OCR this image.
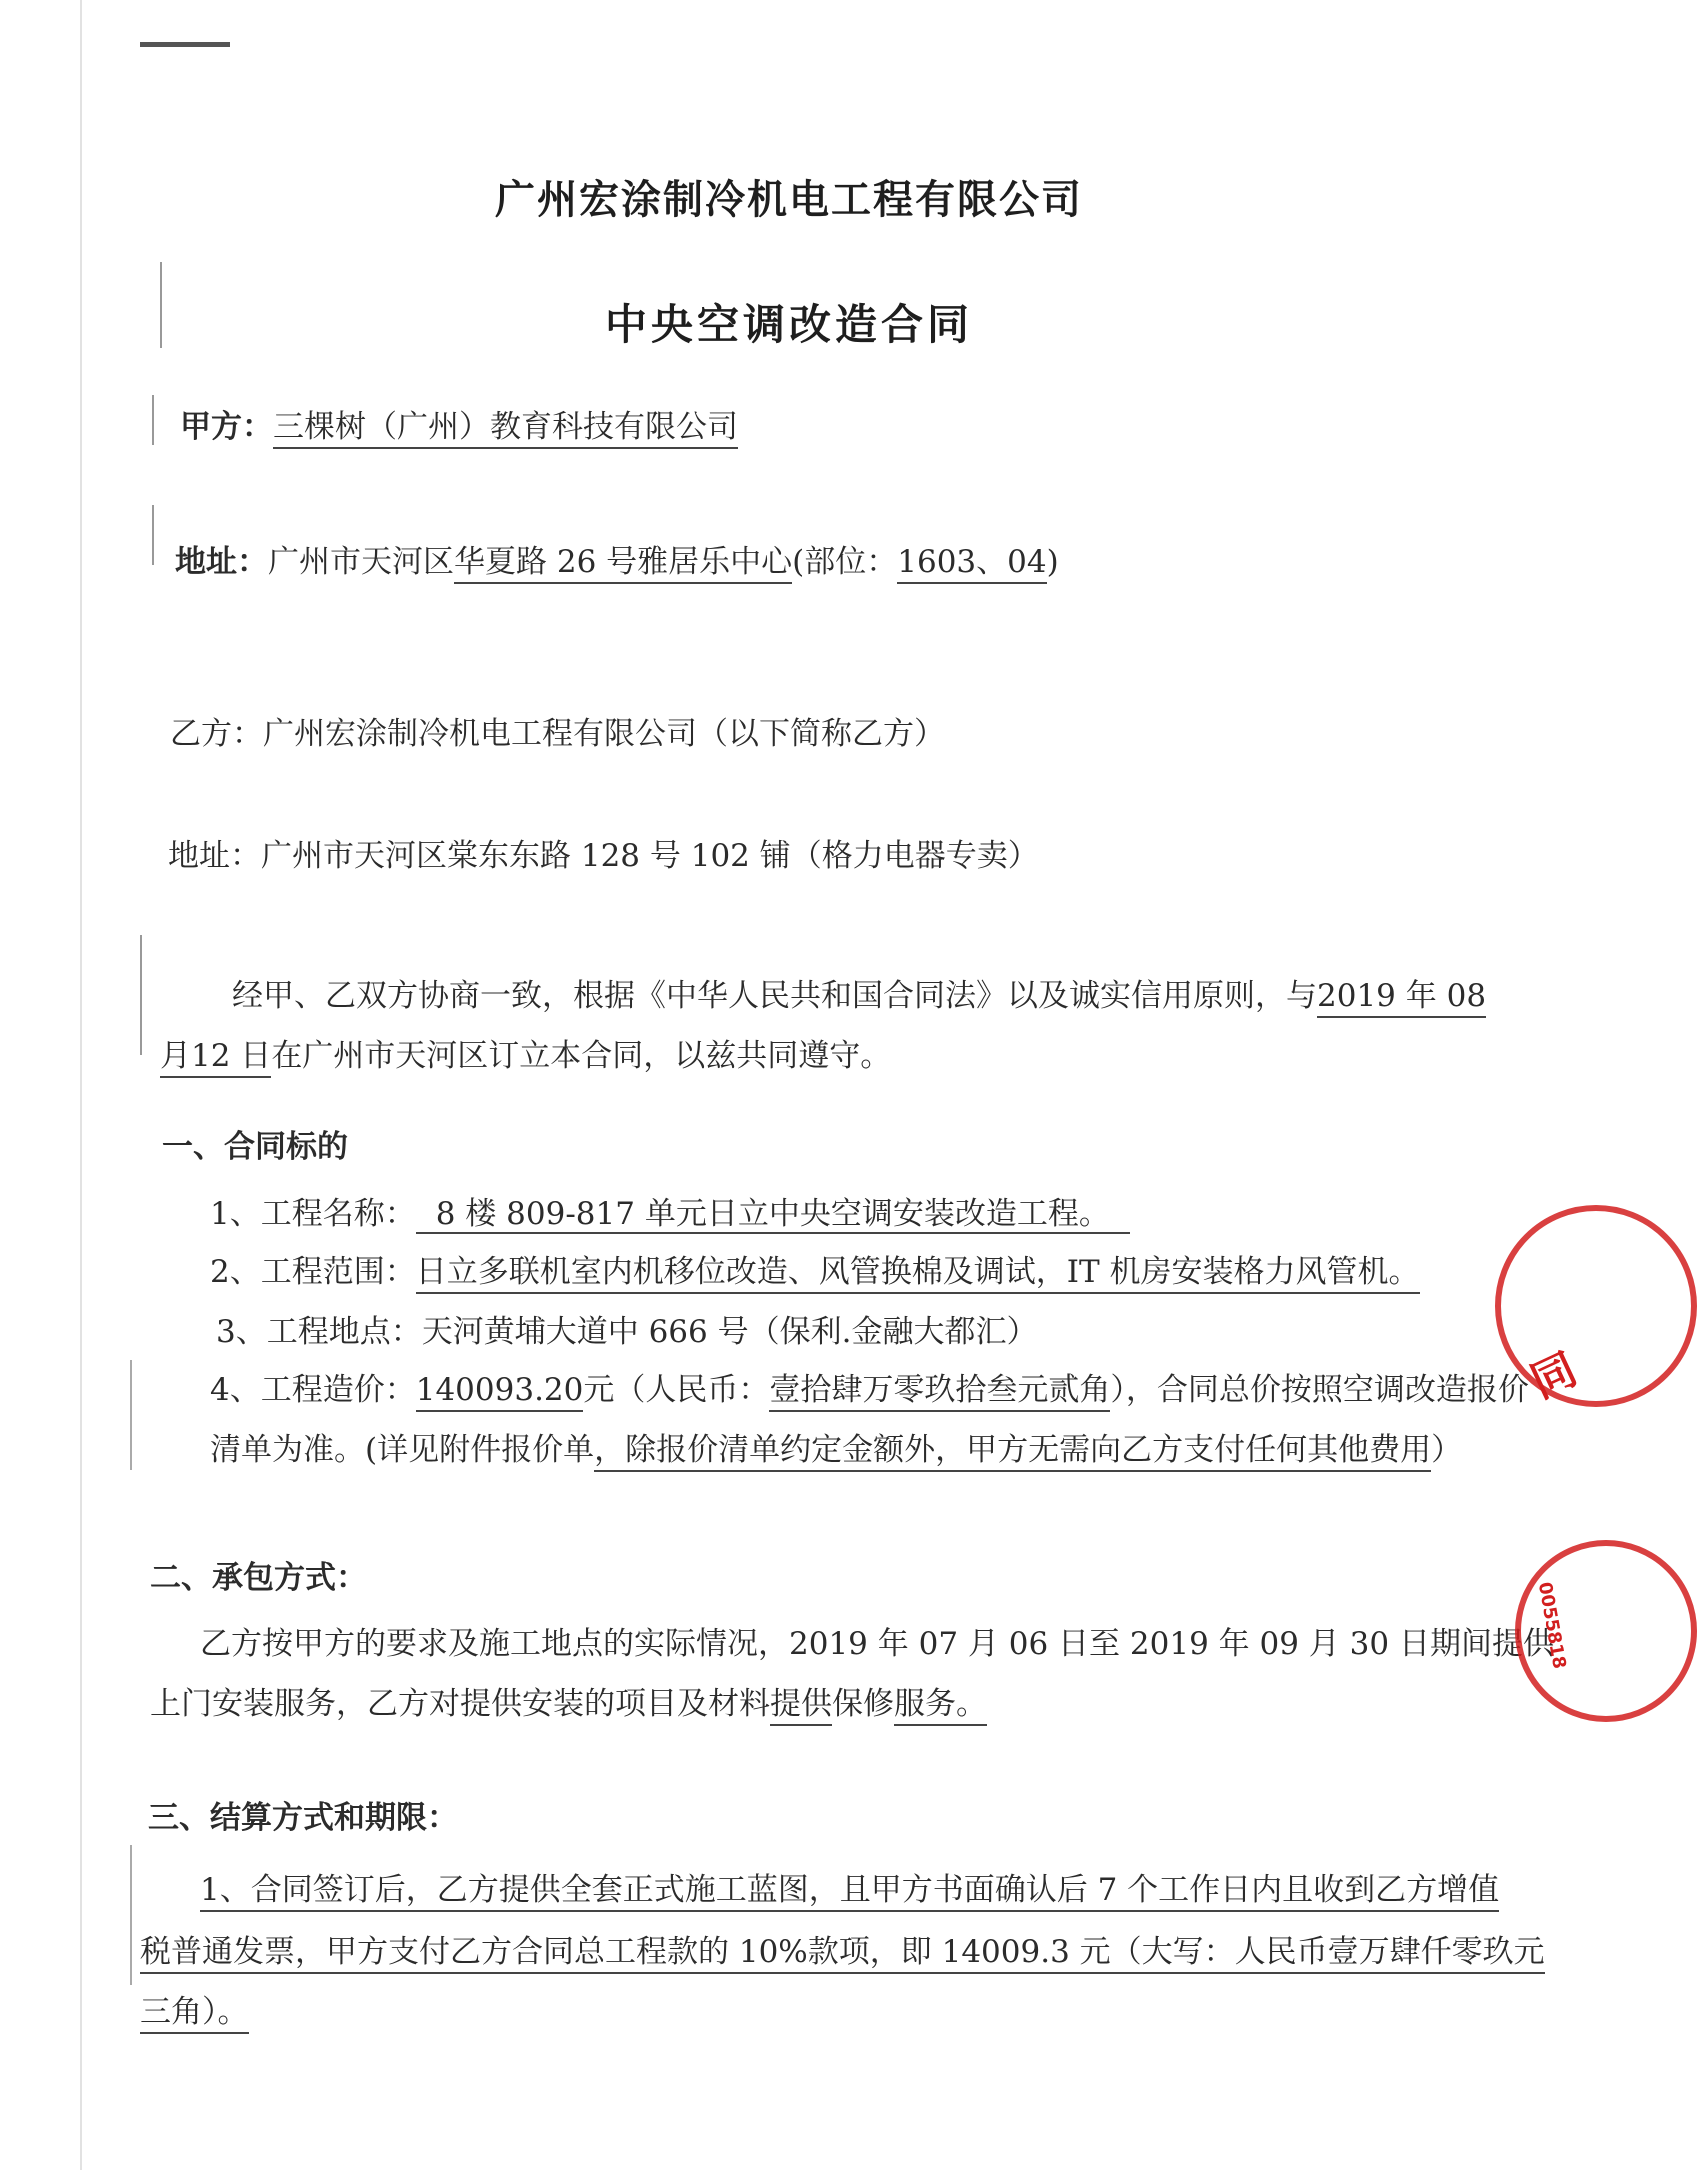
广州宏涂制冷机电工程有限公司
中央空调改造合同
甲方：三棵树（广州）教育科技有限公司
地址：广州市天河区华夏路 26 号雅居乐中心(部位：1603、04)
乙方：广州宏涂制冷机电工程有限公司（以下简称乙方）
地址：广州市天河区棠东东路 128 号 102 铺（格力电器专卖）
经甲、乙双方协商一致，根据《中华人民共和国合同法》以及诚实信用原则，与2019 年 08 月12 日在广州市天河区订立本合同，以兹共同遵守。
一、合同标的
1、工程名称： 8 楼 809-817 单元日立中央空调安装改造工程。
2、工程范围：日立多联机室内机移位改造、风管换棉及调试，IT 机房安装格力风管机。
3、工程地点：天河黄埔大道中 666 号（保利.金融大都汇）
4、工程造价：140093.20元（人民币：壹拾肆万零玖拾叁元贰角），合同总价按照空调改造报价
清单为准。(详见附件报价单，除报价清单约定金额外，甲方无需向乙方支付任何其他费用）
二、承包方式：
乙方按甲方的要求及施工地点的实际情况，2019 年 07 月 06 日至 2019 年 09 月 30 日期间提供
上门安装服务，乙方对提供安装的项目及材料提供保修服务。
三、结算方式和期限：
1、合同签订后，乙方提供全套正式施工蓝图，且甲方书面确认后 7 个工作日内且收到乙方增值
税普通发票，甲方支付乙方合同总工程款的 10%款项，即 14009.3 元（大写：人民币壹万肆仟零玖元
三角）。
同
0055818
